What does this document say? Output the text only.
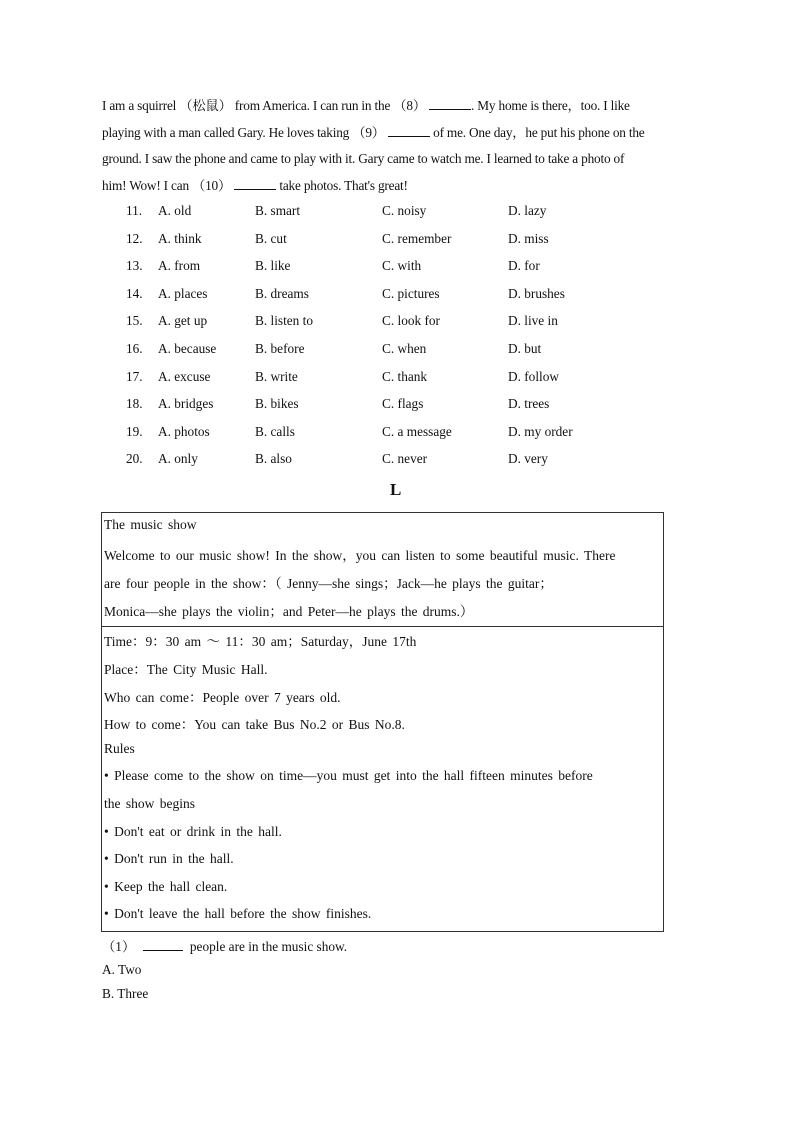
I am a squirrel （松鼠） from America. I can run in the （8）	. My home is there，too. I like
playing with a man called Gary. He loves taking （9）	of me. One day，he put his phone on the
ground. I saw the phone and came to play with it. Gary came to watch me. I learned to take a photo of
him! Wow! I can （10）	take photos. That's great!
11. A. old	B. smart	C. noisy	D. lazy
12. A. think	B. cut	C. remember	D. miss
13. A. from	B. like	C. with	D. for
14. A. places	B. dreams	C. pictures	D. brushes
15. A. get up	B. listen to	C. look for	D. live in
16. A. because	B. before	C. when	D. but
17. A. excuse	B. write	C. thank	D. follow
18. A. bridges	B. bikes	C. flags	D. trees
19. A. photos	B. calls	C. a message	D. my order
20. A. only	B. also	C. never	D. very
L
The music show
Welcome to our music show! In the show，you can listen to some beautiful music. There
are four people in the show：（ Jenny—she sings；Jack—he plays the guitar；
Monica—she plays the violin；and Peter—he plays the drums.）
Time：9：30 am ～ 11：30 am；Saturday，June 17th
Place：The City Music Hall.
Who can come：People over 7 years old.
How to come：You can take Bus No.2 or Bus No.8.
Rules
• Please come to the show on time—you must get into the hall fifteen minutes before
the show begins
• Don't eat or drink in the hall.
• Don't run in the hall.
• Keep the hall clean.
• Don't leave the hall before the show finishes.
（1）	people are in the music show.
A. Two
B. Three
